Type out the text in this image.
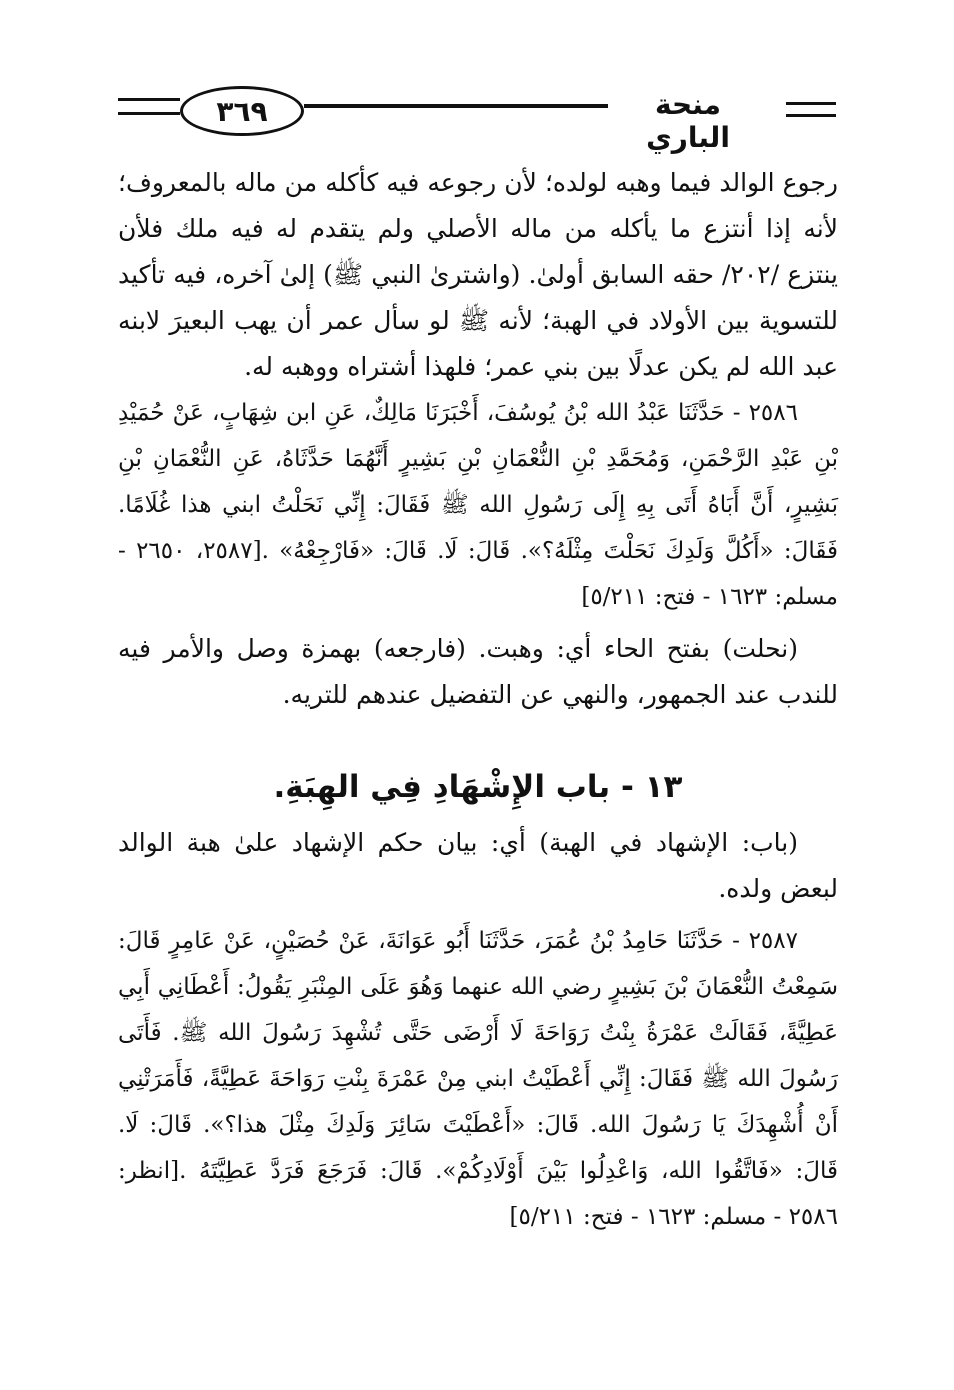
٣٦٩	منحة الباري

رجوع الوالد فيما وهبه لولده؛ لأن رجوعه فيه كأكله من ماله بالمعروف؛ لأنه إذا أنتزع ما يأكله من ماله الأصلي ولم يتقدم له فيه ملك فلأن ينتزع /٢٠٢/ حقه السابق أولىٰ. (واشترىٰ النبي ﷺ) إلىٰ آخره، فيه تأكيد للتسوية بين الأولاد في الهبة؛ لأنه ﷺ لو سأل عمر أن يهب البعيرَ لابنه عبد الله لم يكن عدلًا بين بني عمر؛ فلهذا أشتراه ووهبه له.

٢٥٨٦ - حَدَّثَنَا عَبْدُ الله بْنُ يُوسُفَ، أَخْبَرَنَا مَالِكٌ، عَنِ ابن شِهَابٍ، عَنْ حُمَيْدِ بْنِ عَبْدِ الرَّحْمَنِ، وَمُحَمَّدِ بْنِ النُّعْمَانِ بْنِ بَشِيرٍ أَنَّهُمَا حَدَّثَاهُ، عَنِ النُّعْمَانِ بْنِ بَشِيرٍ، أَنَّ أَبَاهُ أَتَى بِهِ إِلَى رَسُولِ الله ﷺ فَقَالَ: إِنِّي نَحَلْتُ ابني هذا غُلَامًا. فَقَالَ: «أَكُلَّ وَلَدِكَ نَحَلْتَ مِثْلَهُ؟». قَالَ: لَا. قَالَ: «فَارْجِعْهُ» .[٢٥٨٧، ٢٦٥٠ - مسلم: ١٦٢٣ - فتح: ٥/٢١١]

(نحلت) بفتح الحاء أي: وهبت. (فارجعه) بهمزة وصل والأمر فيه للندب عند الجمهور، والنهي عن التفضيل عندهم للتريه.

١٣ - باب الإِشْهَادِ فِي الهِبَةِ.

(باب: الإشهاد في الهبة) أي: بيان حكم الإشهاد علىٰ هبة الوالد لبعض ولده.

٢٥٨٧ - حَدَّثَنَا حَامِدُ بْنُ عُمَرَ، حَدَّثَنَا أَبُو عَوَانَةَ، عَنْ حُصَيْنٍ، عَنْ عَامِرٍ قَالَ: سَمِعْتُ النُّعْمَانَ بْنَ بَشِيرٍ رضي الله عنهما وَهُوَ عَلَى المِنْبَرِ يَقُولُ: أَعْطَانِي أَبِي عَطِيَّةً، فَقَالَتْ عَمْرَةُ بِنْتُ رَوَاحَةَ لَا أَرْضَى حَتَّى تُشْهِدَ رَسُولَ الله ﷺ. فَأَتَى رَسُولَ الله ﷺ فَقَالَ: إِنِّي أَعْطَيْتُ ابني مِنْ عَمْرَةَ بِنْتِ رَوَاحَةَ عَطِيَّةً، فَأَمَرَتْنِي أَنْ أُشْهِدَكَ يَا رَسُولَ الله. قَالَ: «أَعْطَيْتَ سَائِرَ وَلَدِكَ مِثْلَ هذا؟». قَالَ: لَا. قَالَ: «فَاتَّقُوا الله، وَاعْدِلُوا بَيْنَ أَوْلَادِكُمْ». قَالَ: فَرَجَعَ فَرَدَّ عَطِيَّتَهُ .[انظر: ٢٥٨٦ - مسلم: ١٦٢٣ - فتح: ٥/٢١١]
